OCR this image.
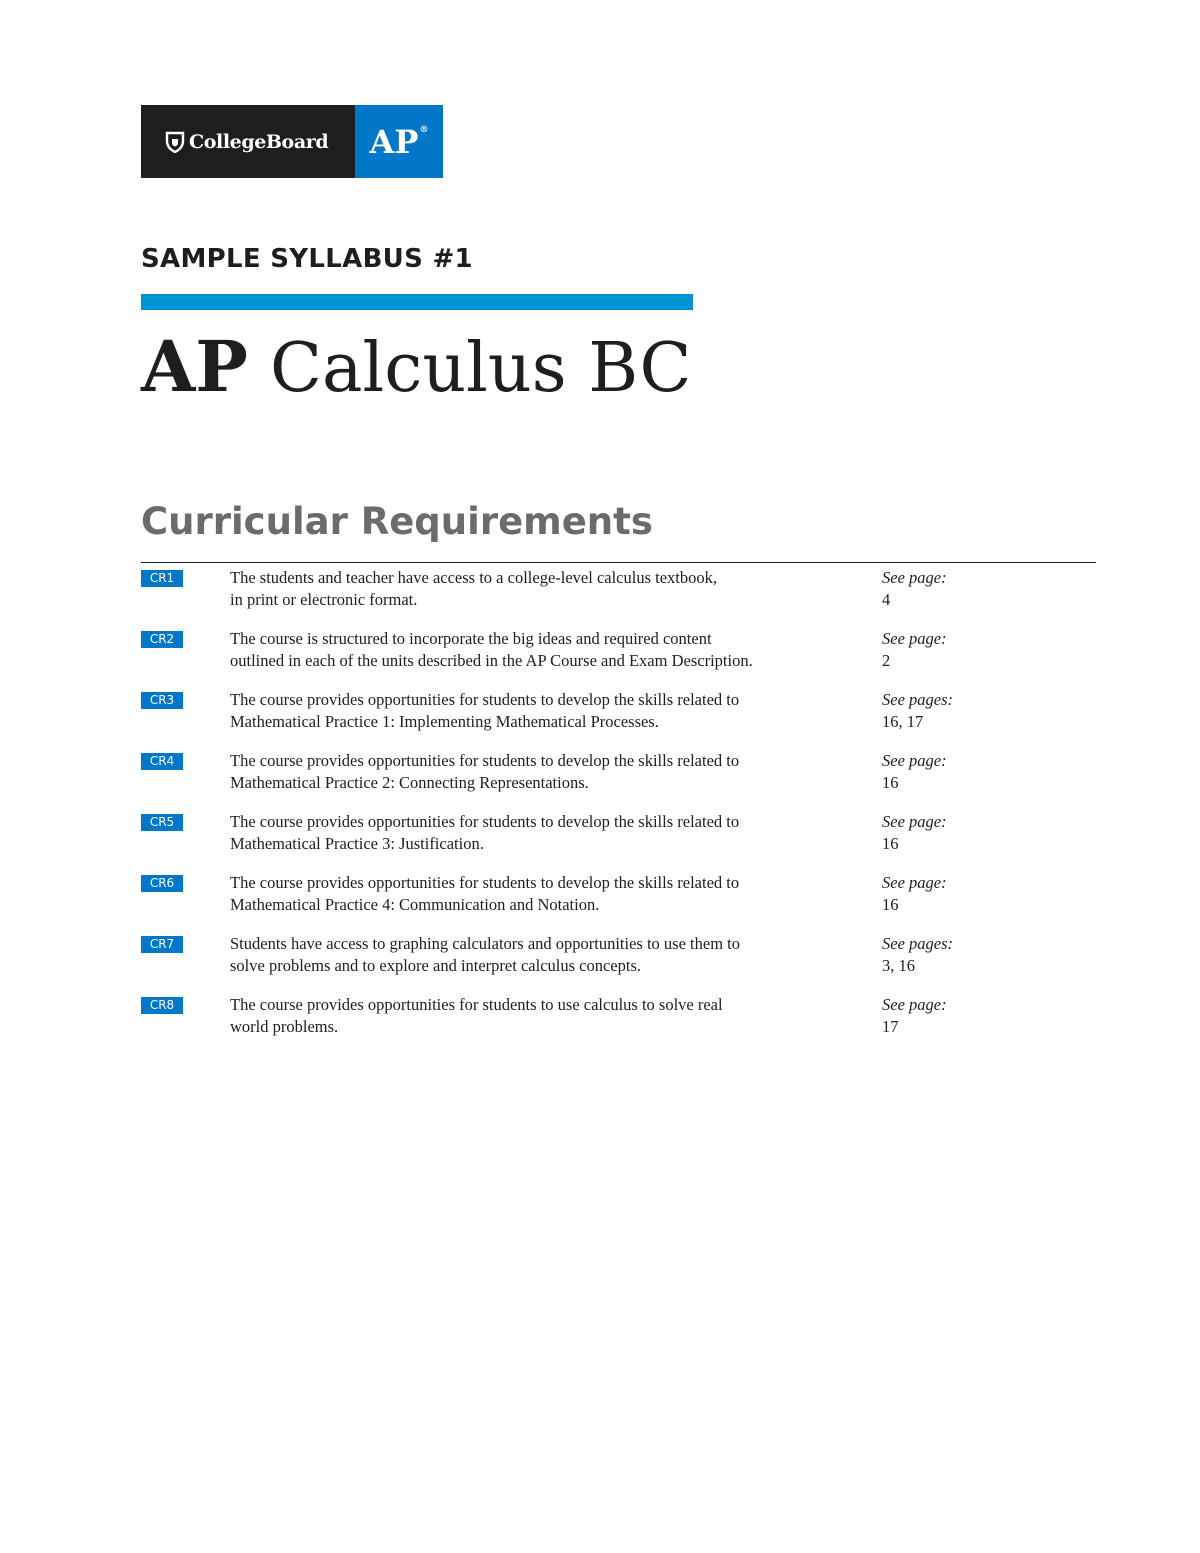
CollegeBoard AP®
SAMPLE SYLLABUS #1
AP Calculus BC
Curricular Requirements
CR1	The students and teacher have access to a college-level calculus textbook,
in print or electronic format.
See page:
4
CR2	The course is structured to incorporate the big ideas and required content
outlined in each of the units described in the AP Course and Exam Description.
See page:
2
CR3	The course provides opportunities for students to develop the skills related to
Mathematical Practice 1: Implementing Mathematical Processes.
See pages:
16, 17
CR4	The course provides opportunities for students to develop the skills related to
Mathematical Practice 2: Connecting Representations.
See page:
16
CR5	The course provides opportunities for students to develop the skills related to
Mathematical Practice 3: Justification.
See page:
16
CR6	The course provides opportunities for students to develop the skills related to
Mathematical Practice 4: Communication and Notation.
See page:
16
CR7	Students have access to graphing calculators and opportunities to use them to
solve problems and to explore and interpret calculus concepts.
See pages:
3, 16
CR8	The course provides opportunities for students to use calculus to solve real
world problems.
See page:
17
